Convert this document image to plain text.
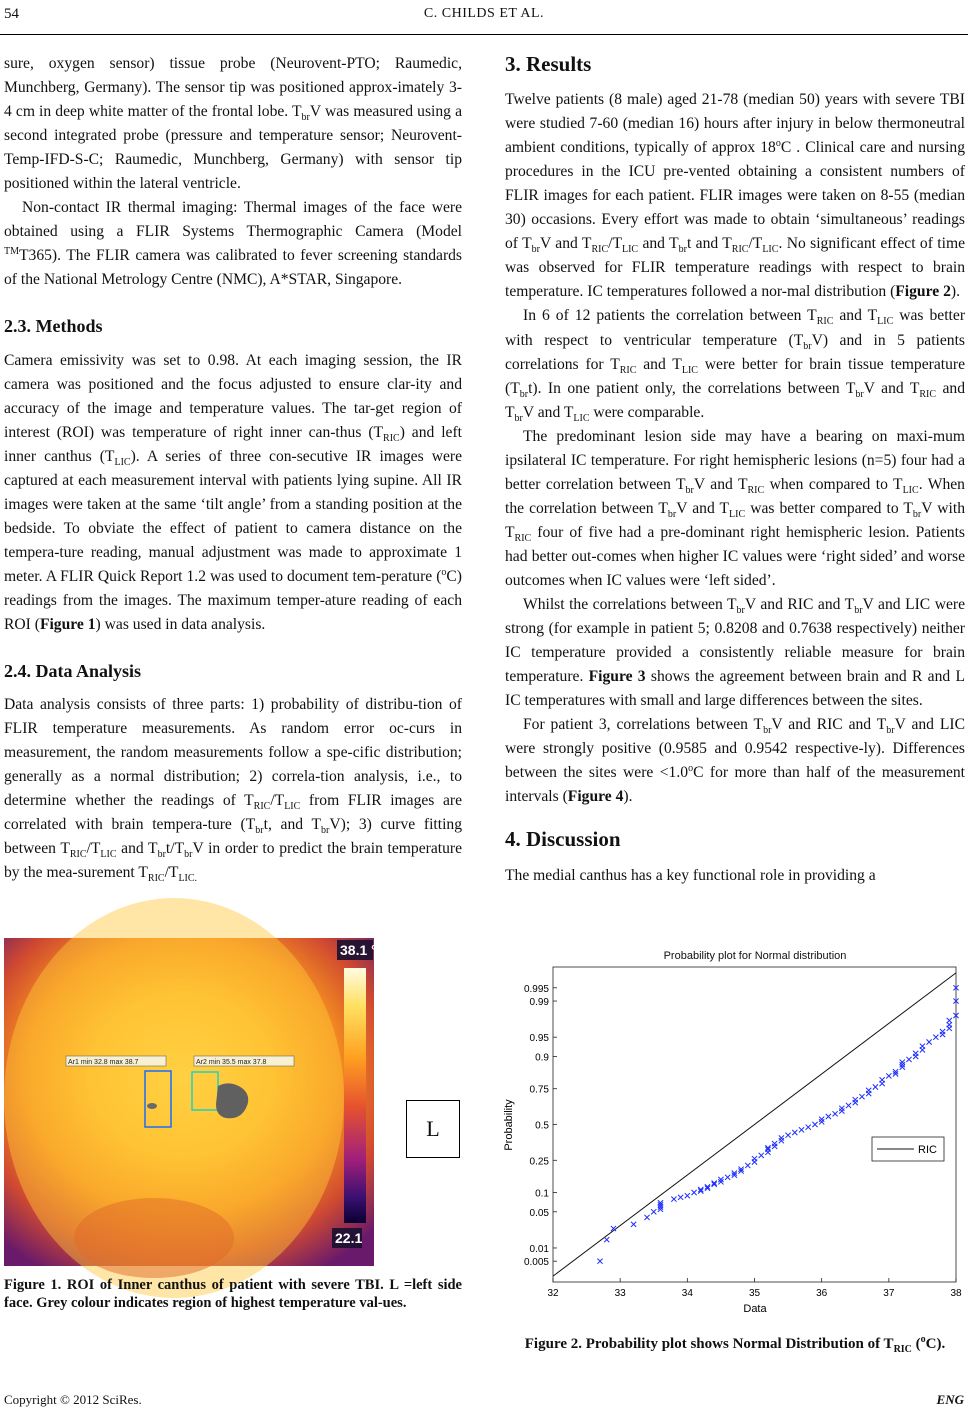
54	C. CHILDS ET AL.

sure, oxygen sensor) tissue probe (Neurovent-PTO; Raumedic, Munchberg, Germany). The sensor tip was positioned approx-imately 3-4 cm in deep white matter of the frontal lobe. $T_{br}V$ was measured using a second integrated probe (pressure and temperature sensor; Neurovent-Temp-IFD-S-C; Raumedic, Munchberg, Germany) with sensor tip positioned within the lateral ventricle.

Non-contact IR thermal imaging: Thermal images of the face were obtained using a FLIR Systems Thermographic Camera (Model ™T365). The FLIR camera was calibrated to fever screening standards of the National Metrology Centre (NMC), A*STAR, Singapore.

2.3. Methods

Camera emissivity was set to 0.98. At each imaging session, the IR camera was positioned and the focus adjusted to ensure clar-ity and accuracy of the image and temperature values. The tar-get region of interest (ROI) was temperature of right inner can-thus $(T_{RIC})$ and left inner canthus $(T_{LIC})$. A series of three con-secutive IR images were captured at each measurement interval with patients lying supine. All IR images were taken at the same ‘tilt angle’ from a standing position at the bedside. To obviate the effect of patient to camera distance on the tempera-ture reading, manual adjustment was made to approximate 1 meter. A FLIR Quick Report 1.2 was used to document tem-perature ($^o$C) readings from the images. The maximum temper-ature reading of each ROI (Figure 1) was used in data analysis.

2.4. Data Analysis

Data analysis consists of three parts: 1) probability of distribu-tion of FLIR temperature measurements. As random error oc-curs in measurement, the random measurements follow a spe-cific distribution; generally as a normal distribution; 2) correla-tion analysis, i.e., to determine whether the readings of $T_{RIC}/T_{LIC}$ from FLIR images are correlated with brain tempera-ture ($T_{br}t$, and $T_{br}V$); 3) curve fitting between $T_{RIC}/T_{LIC}$ and $T_{br}t/T_{br}V$ in order to predict the brain temperature by the mea-surement $T_{RIC}/T_{LIC.}$

38.1 °C
22.1
Ar1 min 32.8 max 38.7	Ar2 min 35.5 max 37.8
L
Figure 1. ROI of Inner canthus of patient with severe TBI. L =left side face. Grey colour indicates region of highest temperature val-ues.
3. Results

Twelve patients (8 male) aged 21-78 (median 50) years with severe TBI were studied 7-60 (median 16) hours after injury in below thermoneutral ambient conditions, typically of approx 18$^o$C . Clinical care and nursing procedures in the ICU pre-vented obtaining a consistent numbers of FLIR images for each patient. FLIR images were taken on 8-55 (median 30) occasions. Every effort was made to obtain ‘simultaneous’ readings of $T_{br}V$ and $T_{RIC}/T_{LIC}$ and $T_{br}t$ and $T_{RIC}/T_{LIC}$. No significant effect of time was observed for FLIR temperature readings with respect to brain temperature. IC temperatures followed a nor-mal distribution (Figure 2).

In 6 of 12 patients the correlation between $T_{RIC}$ and $T_{LIC}$ was better with respect to ventricular temperature $(T_{br}V)$ and in 5 patients correlations for $T_{RIC}$ and $T_{LIC}$ were better for brain tissue temperature $(T_{br}t)$. In one patient only, the correlations between $T_{br}V$ and $T_{RIC}$ and $T_{br}V$ and $T_{LIC}$ were comparable.

The predominant lesion side may have a bearing on maxi-mum ipsilateral IC temperature. For right hemispheric lesions (n=5) four had a better correlation between $T_{br}V$ and $T_{RIC}$ when compared to $T_{LIC}$. When the correlation between $T_{br}V$ and $T_{LIC}$ was better compared to $T_{br}V$ with $T_{RIC}$ four of five had a pre-dominant right hemispheric lesion. Patients had better out-comes when higher IC values were ‘right sided’ and worse outcomes when IC values were ‘left sided’.

Whilst the correlations between $T_{br}V$ and RIC and $T_{br}V$ and LIC were strong (for example in patient 5; 0.8208 and 0.7638 respectively) neither IC temperature provided a consistently reliable measure for brain temperature. Figure 3 shows the agreement between brain and R and L IC temperatures with small and large differences between the sites.

For patient 3, correlations between $T_{br}V$ and RIC and $T_{br}V$ and LIC were strongly positive (0.9585 and 0.9542 respective-ly). Differences between the sites were $<1.0^oC$ for more than half of the measurement intervals (Figure 4).

4. Discussion

The medial canthus has a key functional role in providing a

Probability plot for Normal distribution
0.005
0.01
0.05
0.1
0.25
0.5
0.75
0.9
0.95
0.99
0.995
32	33	34	35	36	37	38
Data
Probability	RIC
Figure 2. Probability plot shows Normal Distribution of $T_{RIC}$ ($^o$C).
Copyright © 2012 SciRes.	ENG
